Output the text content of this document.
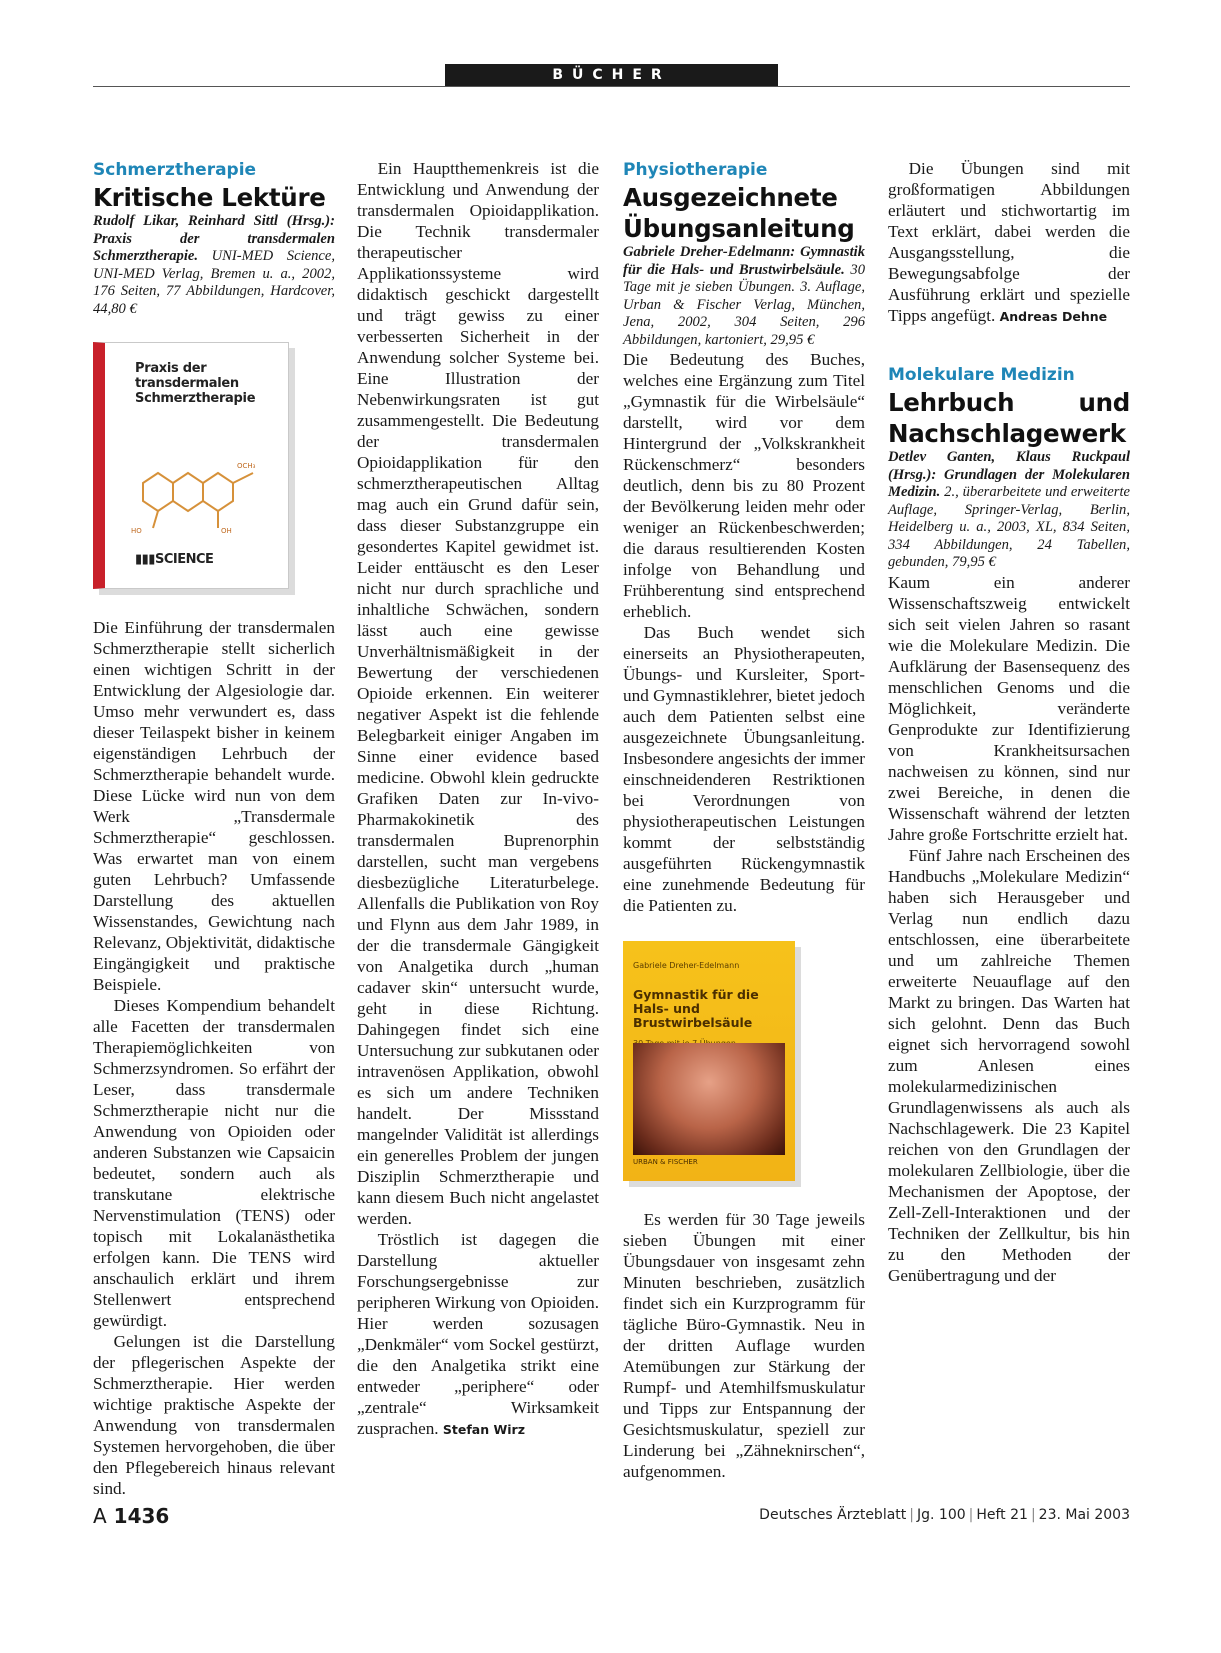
BÜCHER

Schmerztherapie

Kritische Lektüre

Rudolf Likar, Reinhard Sittl (Hrsg.): Praxis der transdermalen Schmerztherapie. UNI-MED Science, UNI-MED Verlag, Bremen u. a., 2002, 176 Seiten, 77 Abbildungen, Hardcover, 44,80 €

Praxis der transdermalen Schmerztherapie
OCH₃
OH
HO
▮▮▮SCIENCE

Die Einführung der transdermalen Schmerztherapie stellt sicherlich einen wichtigen Schritt in der Entwicklung der Algesiologie dar. Umso mehr verwundert es, dass dieser Teilaspekt bisher in keinem eigenständigen Lehrbuch der Schmerztherapie behandelt wurde. Diese Lücke wird nun von dem Werk „Transdermale Schmerztherapie“ geschlossen. Was erwartet man von einem guten Lehrbuch? Umfassende Darstellung des aktuellen Wissenstandes, Gewichtung nach Relevanz, Objektivität, didaktische Eingängigkeit und praktische Beispiele.

Dieses Kompendium behandelt alle Facetten der transdermalen Therapiemöglichkeiten von Schmerzsyndromen. So erfährt der Leser, dass transdermale Schmerztherapie nicht nur die Anwendung von Opioiden oder anderen Substanzen wie Capsaicin bedeutet, sondern auch als transkutane elektrische Nervenstimulation (TENS) oder topisch mit Lokalanästhetika erfolgen kann. Die TENS wird anschaulich erklärt und ihrem Stellenwert entsprechend gewürdigt.

Gelungen ist die Darstellung der pflegerischen Aspekte der Schmerztherapie. Hier werden wichtige praktische Aspekte der Anwendung von transdermalen Systemen hervorgehoben, die über den Pflegebereich hinaus relevant sind.

Ein Hauptthemenkreis ist die Entwicklung und Anwendung der transdermalen Opioidapplikation. Die Technik transdermaler therapeutischer Applikationssysteme wird didaktisch geschickt dargestellt und trägt gewiss zu einer verbesserten Sicherheit in der Anwendung solcher Systeme bei. Eine Illustration der Nebenwirkungsraten ist gut zusammengestellt. Die Bedeutung der transdermalen Opioidapplikation für den schmerztherapeutischen Alltag mag auch ein Grund dafür sein, dass dieser Substanzgruppe ein gesondertes Kapitel gewidmet ist. Leider enttäuscht es den Leser nicht nur durch sprachliche und inhaltliche Schwächen, sondern lässt auch eine gewisse Unverhältnismäßigkeit in der Bewertung der verschiedenen Opioide erkennen. Ein weiterer negativer Aspekt ist die fehlende Belegbarkeit einiger Angaben im Sinne einer evidence based medicine. Obwohl klein gedruckte Grafiken Daten zur In-vivo-Pharmakokinetik des transdermalen Buprenorphin darstellen, sucht man vergebens diesbezügliche Literaturbelege. Allenfalls die Publikation von Roy und Flynn aus dem Jahr 1989, in der die transdermale Gängigkeit von Analgetika durch „human cadaver skin“ untersucht wurde, geht in diese Richtung. Dahingegen findet sich eine Untersuchung zur subkutanen oder intravenösen Applikation, obwohl es sich um andere Techniken handelt. Der Missstand mangelnder Validität ist allerdings ein generelles Problem der jungen Disziplin Schmerztherapie und kann diesem Buch nicht angelastet werden.

Tröstlich ist dagegen die Darstellung aktueller Forschungsergebnisse zur peripheren Wirkung von Opioiden. Hier werden sozusagen „Denkmäler“ vom Sockel gestürzt, die den Analgetika strikt eine entweder „periphere“ oder „zentrale“ Wirksamkeit zusprachen. Stefan Wirz

Physiotherapie

Ausgezeichnete Übungsanleitung

Gabriele Dreher-Edelmann: Gymnastik für die Hals- und Brustwirbelsäule. 30 Tage mit je sieben Übungen. 3. Auflage, Urban & Fischer Verlag, München, Jena, 2002, 304 Seiten, 296 Abbildungen, kartoniert, 29,95 €

Die Bedeutung des Buches, welches eine Ergänzung zum Titel „Gymnastik für die Wirbelsäule“ darstellt, wird vor dem Hintergrund der „Volkskrankheit Rückenschmerz“ besonders deutlich, denn bis zu 80 Prozent der Bevölkerung leiden mehr oder weniger an Rückenbeschwerden; die daraus resultierenden Kosten infolge von Behandlung und Frühberentung sind entsprechend erheblich.

Das Buch wendet sich einerseits an Physiotherapeuten, Übungs- und Kursleiter, Sport- und Gymnastiklehrer, bietet jedoch auch dem Patienten selbst eine ausgezeichnete Übungsanleitung. Insbesondere angesichts der immer einschneidenderen Restriktionen bei Verordnungen von physiotherapeutischen Leistungen kommt der selbstständig ausgeführten Rückengymnastik eine zunehmende Bedeutung für die Patienten zu.

Gabriele Dreher-Edelmann
Gymnastik für die Hals- und Brustwirbelsäule
URBAN & FISCHER

Es werden für 30 Tage jeweils sieben Übungen mit einer Übungsdauer von insgesamt zehn Minuten beschrieben, zusätzlich findet sich ein Kurzprogramm für tägliche Büro-Gymnastik. Neu in der dritten Auflage wurden Atemübungen zur Stärkung der Rumpf- und Atemhilfsmuskulatur und Tipps zur Entspannung der Gesichtsmuskulatur, speziell zur Linderung bei „Zähneknirschen“, aufgenommen.

Die Übungen sind mit großformatigen Abbildungen erläutert und stichwortartig im Text erklärt, dabei werden die Ausgangsstellung, die Bewegungsabfolge der Ausführung erklärt und spezielle Tipps angefügt. Andreas Dehne

Molekulare Medizin

Lehrbuch und Nachschlagewerk

Detlev Ganten, Klaus Ruckpaul (Hrsg.): Grundlagen der Molekularen Medizin. 2., überarbeitete und erweiterte Auflage, Springer-Verlag, Berlin, Heidelberg u. a., 2003, XL, 834 Seiten, 334 Abbildungen, 24 Tabellen, gebunden, 79,95 €

Kaum ein anderer Wissenschaftszweig entwickelt sich seit vielen Jahren so rasant wie die Molekulare Medizin. Die Aufklärung der Basensequenz des menschlichen Genoms und die Möglichkeit, veränderte Genprodukte zur Identifizierung von Krankheitsursachen nachweisen zu können, sind nur zwei Bereiche, in denen die Wissenschaft während der letzten Jahre große Fortschritte erzielt hat.

Fünf Jahre nach Erscheinen des Handbuchs „Molekulare Medizin“ haben sich Herausgeber und Verlag nun endlich dazu entschlossen, eine überarbeitete und um zahlreiche Themen erweiterte Neuauflage auf den Markt zu bringen. Das Warten hat sich gelohnt. Denn das Buch eignet sich hervorragend sowohl zum Anlesen eines molekularmedizinischen Grundlagenwissens als auch als Nachschlagewerk. Die 23 Kapitel reichen von den Grundlagen der molekularen Zellbiologie, über die Mechanismen der Apoptose, der Zell-Zell-Interaktionen und der Techniken der Zellkultur, bis hin zu den Methoden der Genübertragung und der

A 1436	Deutsches Ärzteblatt | Jg. 100 | Heft 21 | 23. Mai 2003
